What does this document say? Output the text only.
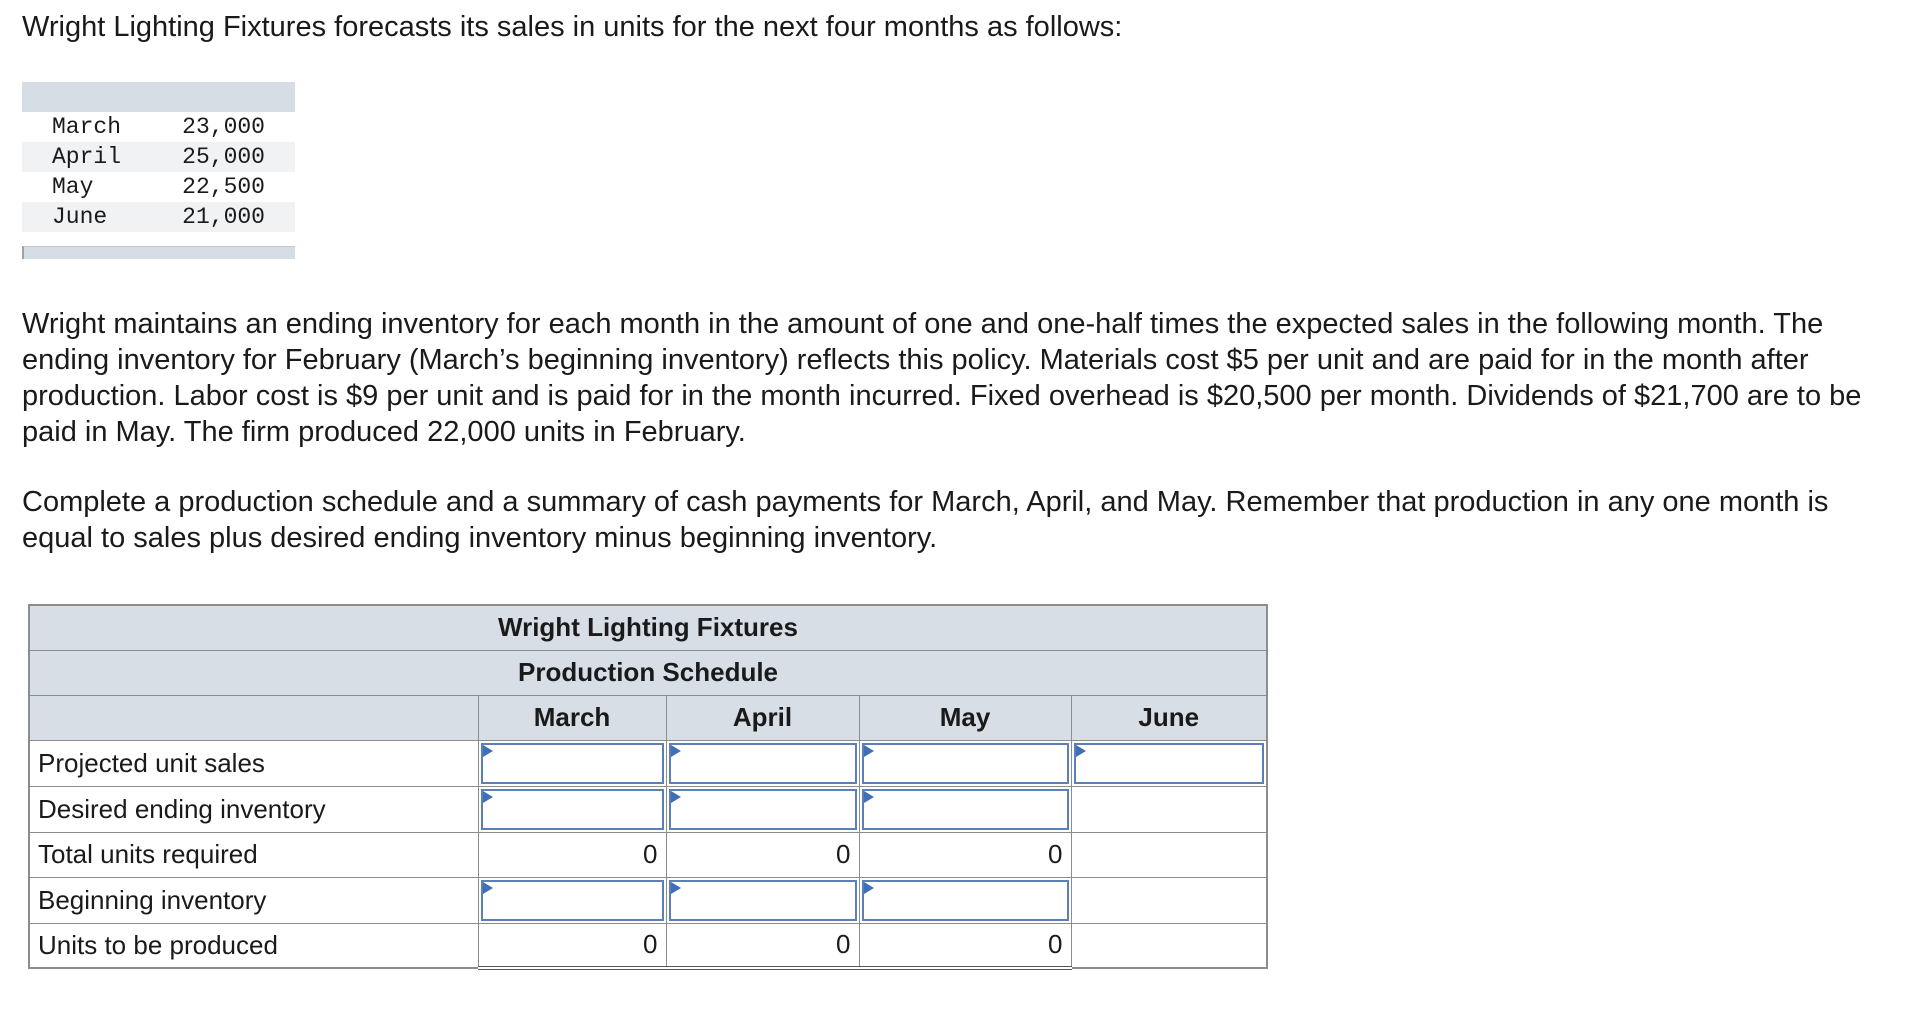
Wright Lighting Fixtures forecasts its sales in units for the next four months as follows:

March	23,000
April	25,000
May	22,500
June	21,000

Wright maintains an ending inventory for each month in the amount of one and one-half times the expected sales in the following month. The ending inventory for February (March’s beginning inventory) reflects this policy. Materials cost $5 per unit and are paid for in the month after production. Labor cost is $9 per unit and is paid for in the month incurred. Fixed overhead is $20,500 per month. Dividends of $21,700 are to be paid in May. The firm produced 22,000 units in February.

Complete a production schedule and a summary of cash payments for March, April, and May. Remember that production in any one month is equal to sales plus desired ending inventory minus beginning inventory.

Wright Lighting Fixtures				
Production Schedule				
	March	April	May	June
Projected unit sales	

Desired ending inventory	

Total units required	0	0	0	
Beginning inventory	

Units to be produced	0	0	0	
